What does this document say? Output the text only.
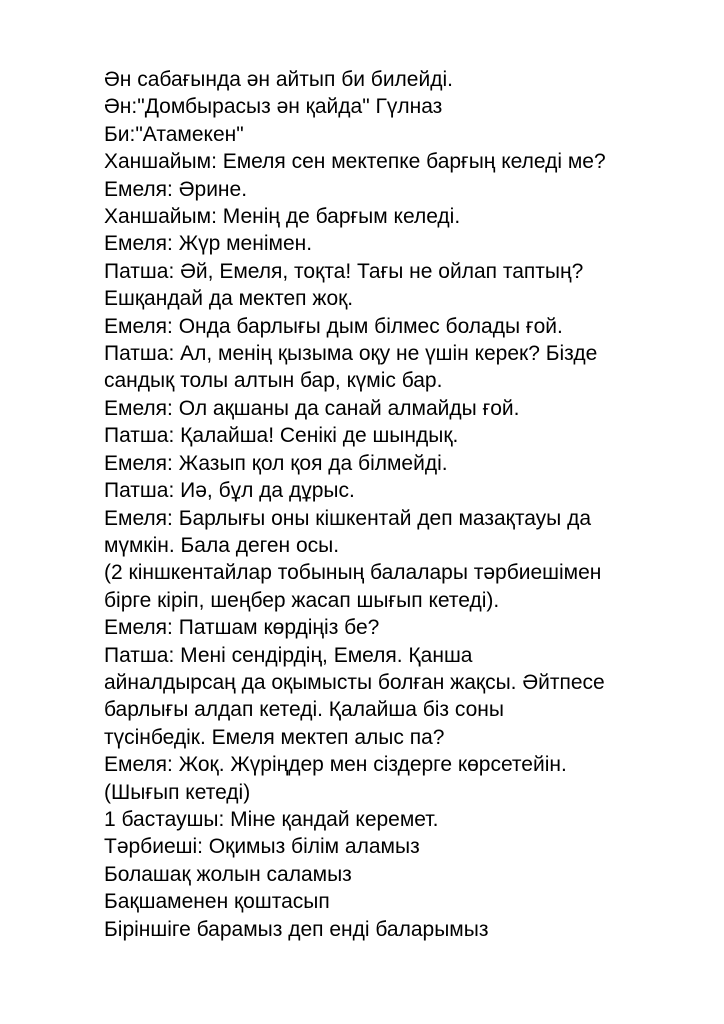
Ән сабағында ән айтып би билейді.
Ән:"Домбырасыз ән қайда" Гүлназ
Би:"Атамекен"
Ханшайым: Емеля сен мектепке барғың келеді ме?
Емеля: Әрине.
Ханшайым: Менің де барғым келеді.
Емеля: Жүр менімен.
Патша: Әй, Емеля, тоқта! Тағы не ойлап таптың?
Ешқандай да мектеп жоқ.
Емеля: Онда барлығы дым білмес болады ғой.
Патша: Ал, менің қызыма оқу не үшін керек? Бізде
сандық толы алтын бар, күміс бар.
Емеля: Ол ақшаны да санай алмайды ғой.
Патша: Қалайша! Сенікі де шындық.
Емеля: Жазып қол қоя да білмейді.
Патша: Иә, бұл да дұрыс.
Емеля: Барлығы оны кішкентай деп мазақтауы да
мүмкін. Бала деген осы.
(2 кіншкентайлар тобының балалары тәрбиешімен
бірге кіріп, шеңбер жасап шығып кетеді).
Емеля: Патшам көрдіңіз бе?
Патша: Мені сендірдің, Емеля. Қанша
айналдырсаң да оқымысты болған жақсы. Әйтпесе
барлығы алдап кетеді. Қалайша біз соны
түсінбедік. Емеля мектеп алыс па?
Емеля: Жоқ. Жүріңдер мен сіздерге көрсетейін.
(Шығып кетеді)
1 бастаушы: Міне қандай керемет.
Тәрбиеші: Оқимыз білім аламыз
Болашақ жолын саламыз
Бақшаменен қоштасып
Біріншіге барамыз деп енді баларымыз
